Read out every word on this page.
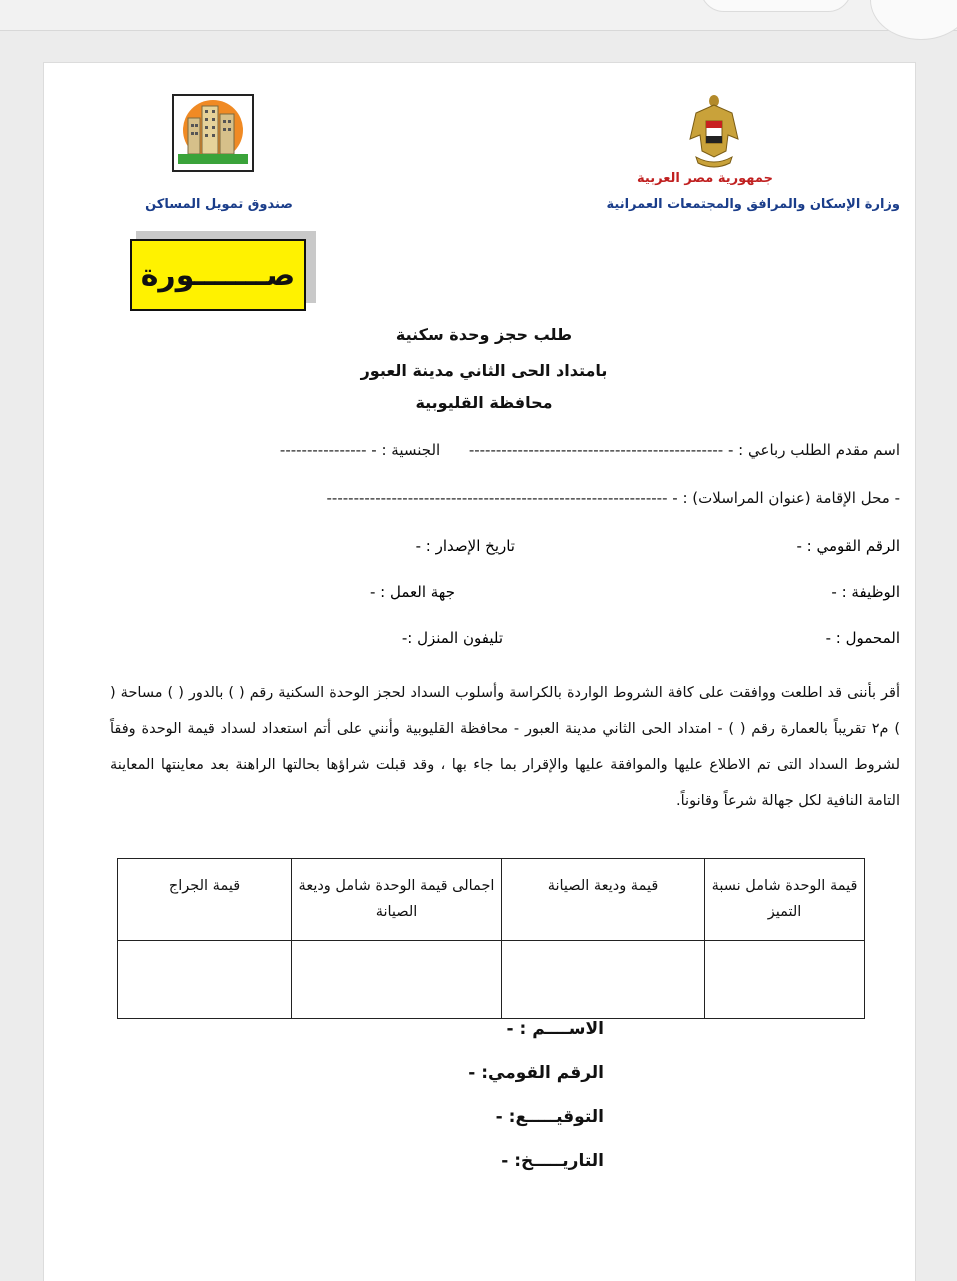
جمهورية مصر العربية
وزارة الإسكان والمرافق والمجتمعات العمرانية
صندوق تمويل المساكن
صـــــــورة
طلب حجز وحدة سكنية
بامتداد الحى الثاني مدينة العبور
محافظة القليوبية
اسم مقدم الطلب رباعي : - -----------------------------------------------      الجنسية : - ----------------
- محل الإقامة (عنوان المراسلات) : - ---------------------------------------------------------------
الرقم القومي : -
تاريخ الإصدار : -
الوظيفة : -
جهة العمل : -
المحمول : -
تليفون المنزل :-
أقر بأننى قد اطلعت ووافقت على كافة الشروط الواردة بالكراسة وأسلوب السداد لحجز الوحدة السكنية رقم ( ) بالدور ( ) مساحة ( ) م٢ تقريباً بالعمارة رقم ( ) - امتداد الحى الثاني مدينة العبور - محافظة القليوبية وأنني على أتم استعداد لسداد قيمة الوحدة وفقاً لشروط السداد التى تم الاطلاع عليها والموافقة عليها والإقرار بما جاء بها ، وقد قبلت شراؤها بحالتها الراهنة بعد معاينتها المعاينة التامة النافية لكل جهالة شرعاً وقانوناً.
قيمة الوحدة شامل نسبة التميز	قيمة وديعة الصيانة	اجمالى قيمة الوحدة شامل وديعة الصيانة	قيمة الجراج

الاســــم : -
الرقم القومي: -
التوقيـــــع: -
التاريـــــخ: -
